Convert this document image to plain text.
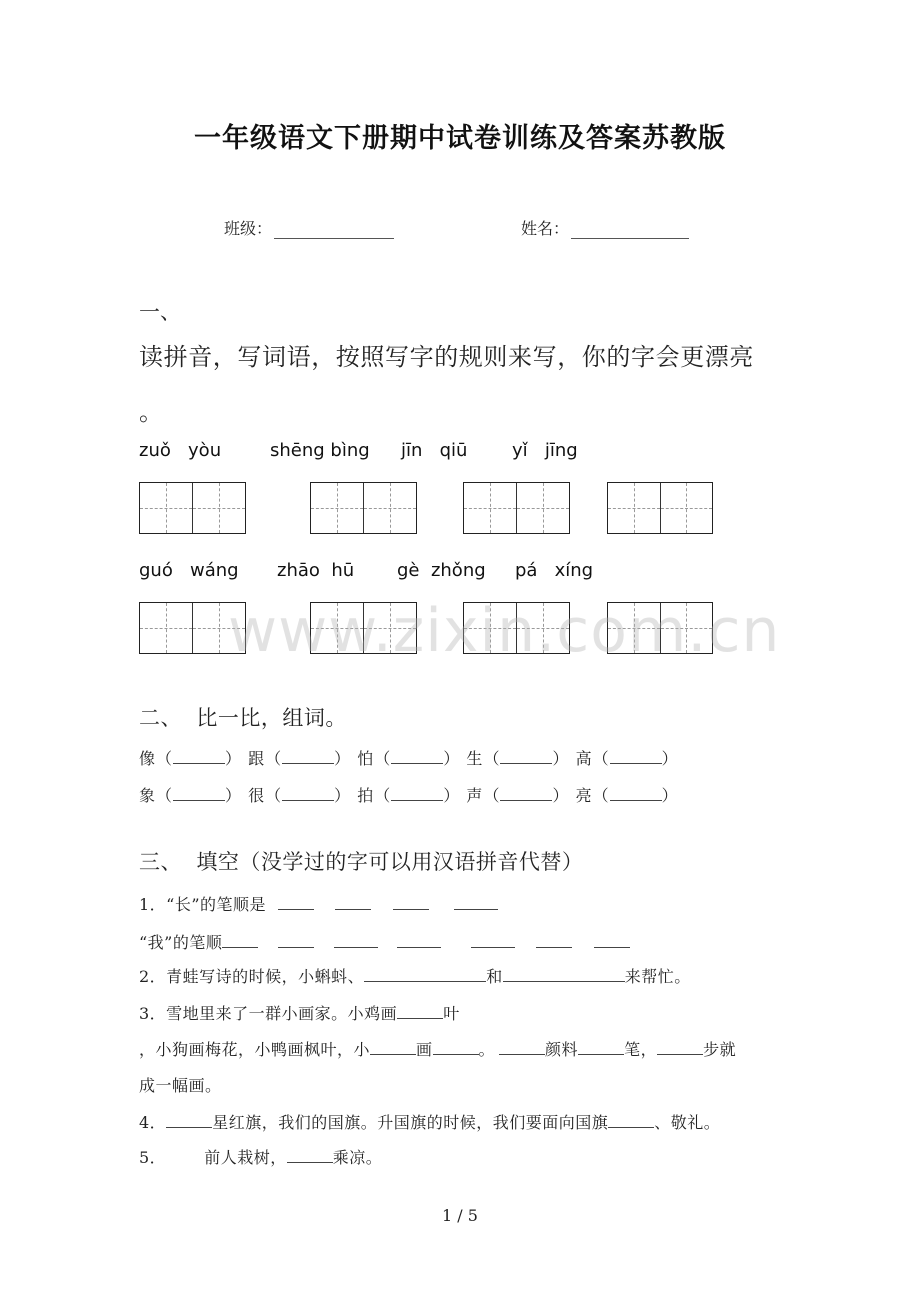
一年级语文下册期中试卷训练及答案苏教版
班级：	姓名：
一、
读拼音，写词语，按照写字的规则来写，你的字会更漂亮
。
zuǒ   yòu	shēng bìng jīn   qiū yǐ   jīng
guó   wáng zhāo  hū gè  zhǒng pá   xíng
www.zixin.com.cn
二、  比一比，组词。
像（	） 跟（	） 怕（	） 生（	） 高（	）
象（	） 很（	） 拍（	） 声（	） 亮（	）
三、  填空（没学过的字可以用汉语拼音代替）
1．“长”的笔顺是
“我”的笔顺
2．青蛙写诗的时候，小蝌蚪、	和	来帮忙。
3．雪地里来了一群小画家。小鸡画	叶
，小狗画梅花，小鸭画枫叶，小	画	。	颜料	笔，	步就
成一幅画。
4．	星红旗，我们的国旗。升国旗的时候，我们要面向国旗	、敬礼。
5． 前人栽树，	乘凉。
1 / 5
